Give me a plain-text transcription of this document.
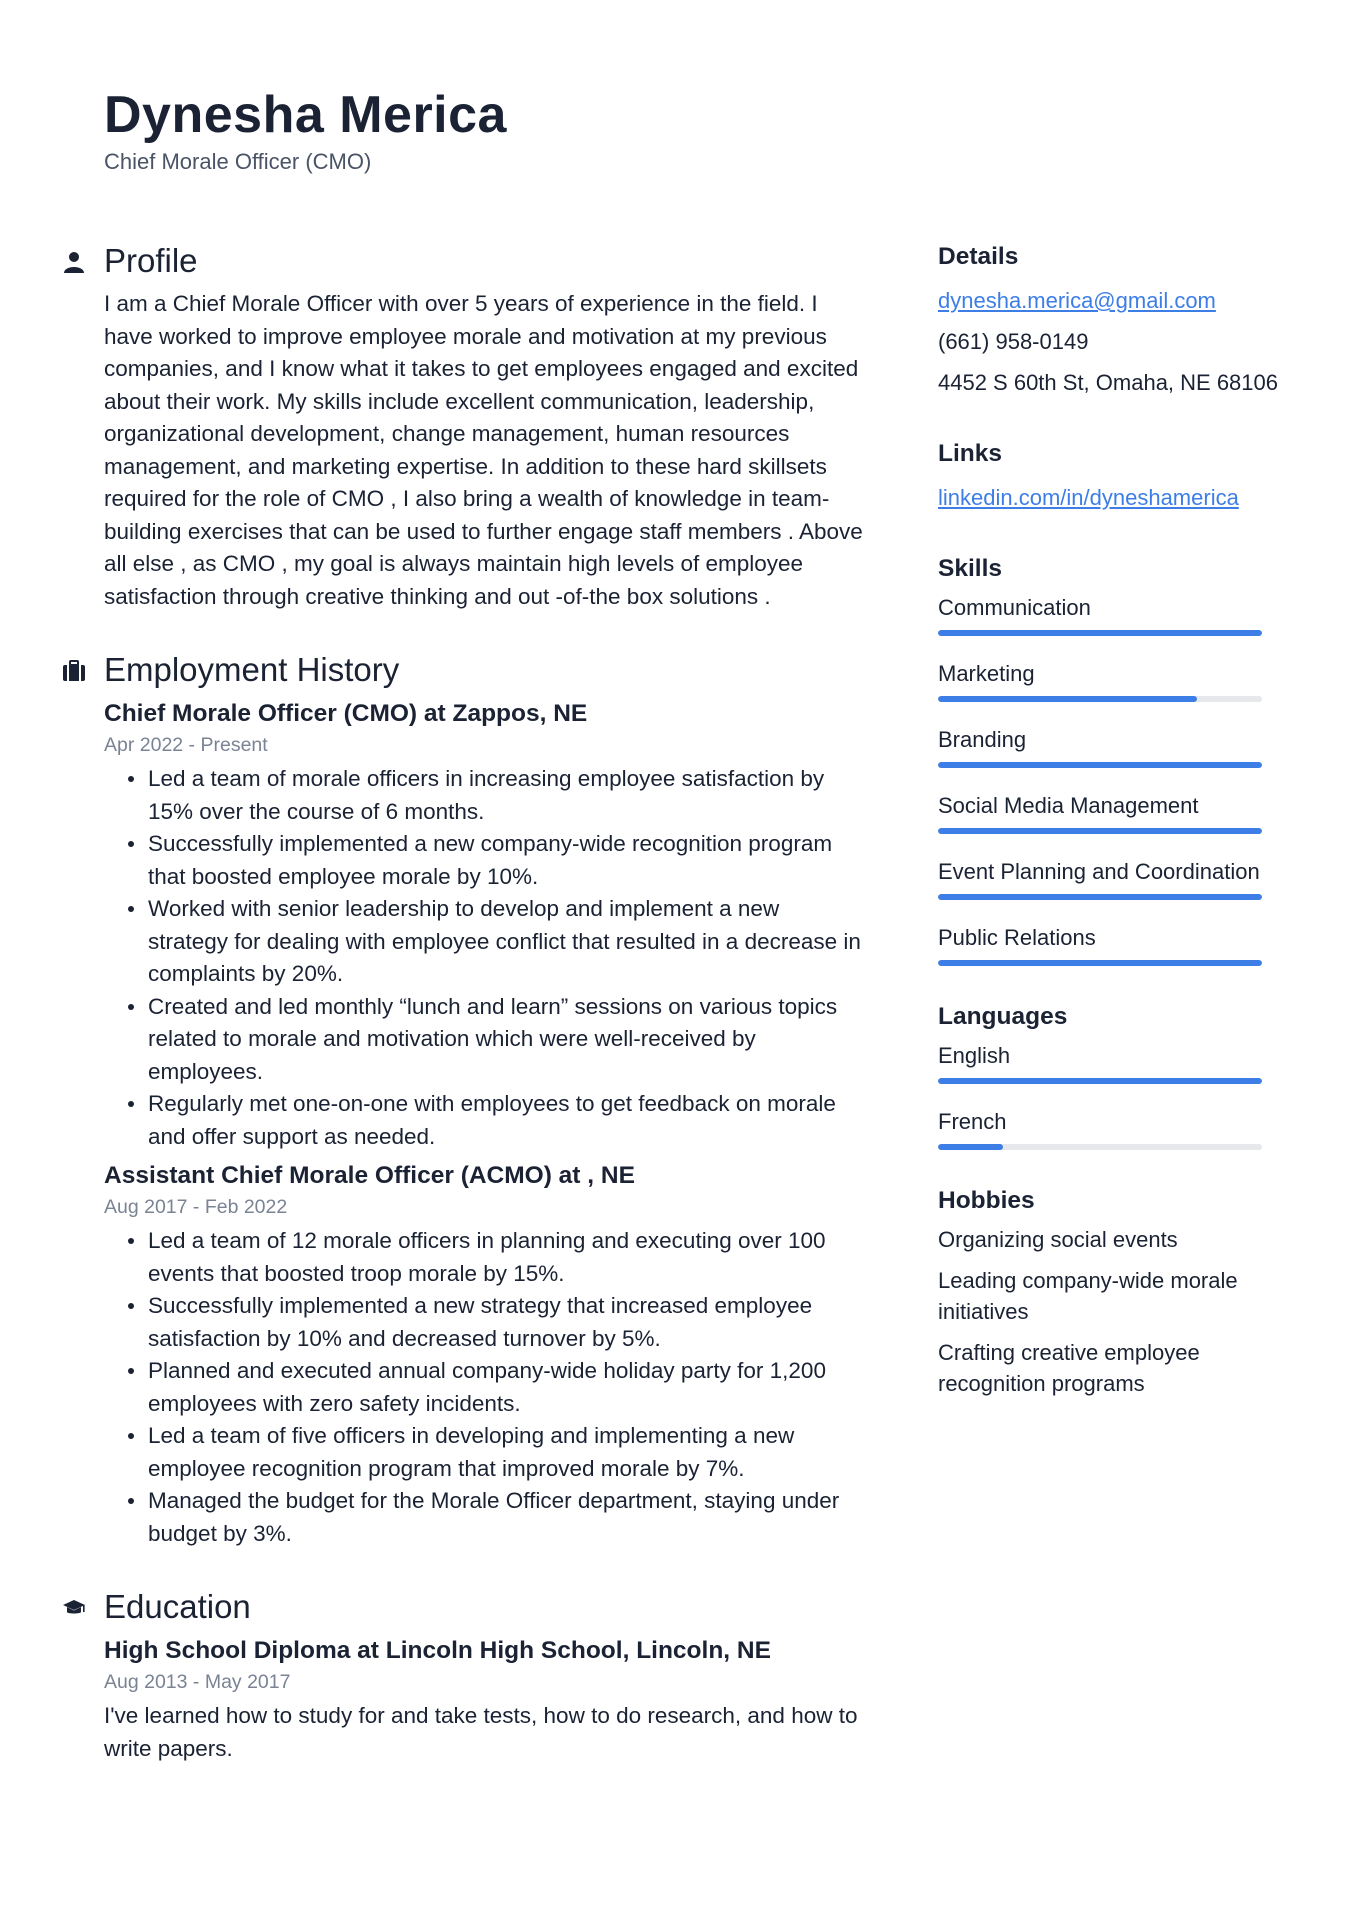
Dynesha Merica
Chief Morale Officer (CMO)
Profile
I am a Chief Morale Officer with over 5 years of experience in the field. I have worked to improve employee morale and motivation at my previous companies, and I know what it takes to get employees engaged and excited about their work. My skills include excellent communication, leadership, organizational development, change management, human resources management, and marketing expertise. In addition to these hard skillsets required for the role of CMO , I also bring a wealth of knowledge in team-building exercises that can be used to further engage staff members . Above all else , as CMO , my goal is always maintain high levels of employee satisfaction through creative thinking and out -of-the box solutions .
Employment History
Chief Morale Officer (CMO) at Zappos, NE
Apr 2022 - Present
Led a team of morale officers in increasing employee satisfaction by 15% over the course of 6 months.
Successfully implemented a new company-wide recognition program that boosted employee morale by 10%.
Worked with senior leadership to develop and implement a new strategy for dealing with employee conflict that resulted in a decrease in complaints by 20%.
Created and led monthly “lunch and learn” sessions on various topics related to morale and motivation which were well-received by employees.
Regularly met one-on-one with employees to get feedback on morale and offer support as needed.
Assistant Chief Morale Officer (ACMO) at , NE
Aug 2017 - Feb 2022
Led a team of 12 morale officers in planning and executing over 100 events that boosted troop morale by 15%.
Successfully implemented a new strategy that increased employee satisfaction by 10% and decreased turnover by 5%.
Planned and executed annual company-wide holiday party for 1,200 employees with zero safety incidents.
Led a team of five officers in developing and implementing a new employee recognition program that improved morale by 7%.
Managed the budget for the Morale Officer department, staying under budget by 3%.
Education
High School Diploma at Lincoln High School, Lincoln, NE
Aug 2013 - May 2017
I've learned how to study for and take tests, how to do research, and how to write papers.
Details
dynesha.merica@gmail.com
(661) 958-0149
4452 S 60th St, Omaha, NE 68106
Links
linkedin.com/in/dyneshamerica
Skills
Communication
Marketing
Branding
Social Media Management
Event Planning and Coordination
Public Relations
Languages
English
French
Hobbies
Organizing social events
Leading company-wide morale initiatives
Crafting creative employee recognition programs
